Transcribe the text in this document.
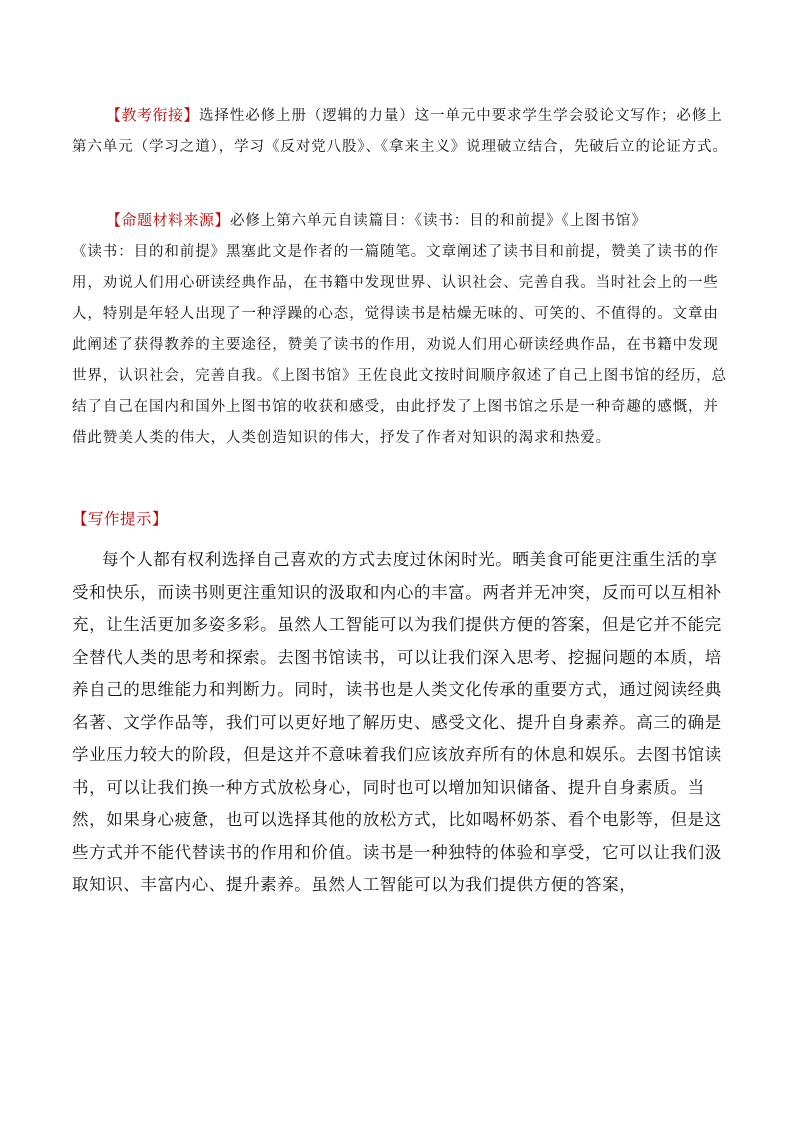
【教考衔接】选择性必修上册（逻辑的力量）这一单元中要求学生学会驳论文写作；必修上第六单元（学习之道），学习《反对党八股》、《拿来主义》说理破立结合，先破后立的论证方式。

【命题材料来源】必修上第六单元自读篇目：《读书：目的和前提》《上图书馆》

《读书：目的和前提》黑塞此文是作者的一篇随笔。文章阐述了读书目和前提，赞美了读书的作用，劝说人们用心研读经典作品，在书籍中发现世界、认识社会、完善自我。当时社会上的一些人，特别是年轻人出现了一种浮躁的心态，觉得读书是枯燥无味的、可笑的、不值得的。文章由此阐述了获得教养的主要途径，赞美了读书的作用，劝说人们用心研读经典作品，在书籍中发现世界，认识社会，完善自我。《上图书馆》王佐良此文按时间顺序叙述了自己上图书馆的经历，总结了自己在国内和国外上图书馆的收获和感受，由此抒发了上图书馆之乐是一种奇趣的感慨，并借此赞美人类的伟大，人类创造知识的伟大，抒发了作者对知识的渴求和热爱。

【写作提示】

每个人都有权利选择自己喜欢的方式去度过休闲时光。晒美食可能更注重生活的享受和快乐，而读书则更注重知识的汲取和内心的丰富。两者并无冲突，反而可以互相补充，让生活更加多姿多彩。虽然人工智能可以为我们提供方便的答案，但是它并不能完全替代人类的思考和探索。去图书馆读书，可以让我们深入思考、挖掘问题的本质，培养自己的思维能力和判断力。同时，读书也是人类文化传承的重要方式，通过阅读经典名著、文学作品等，我们可以更好地了解历史、感受文化、提升自身素养。高三的确是学业压力较大的阶段，但是这并不意味着我们应该放弃所有的休息和娱乐。去图书馆读书，可以让我们换一种方式放松身心，同时也可以增加知识储备、提升自身素质。当然，如果身心疲惫，也可以选择其他的放松方式，比如喝杯奶茶、看个电影等，但是这些方式并不能代替读书的作用和价值。读书是一种独特的体验和享受，它可以让我们汲取知识、丰富内心、提升素养。虽然人工智能可以为我们提供方便的答案，
